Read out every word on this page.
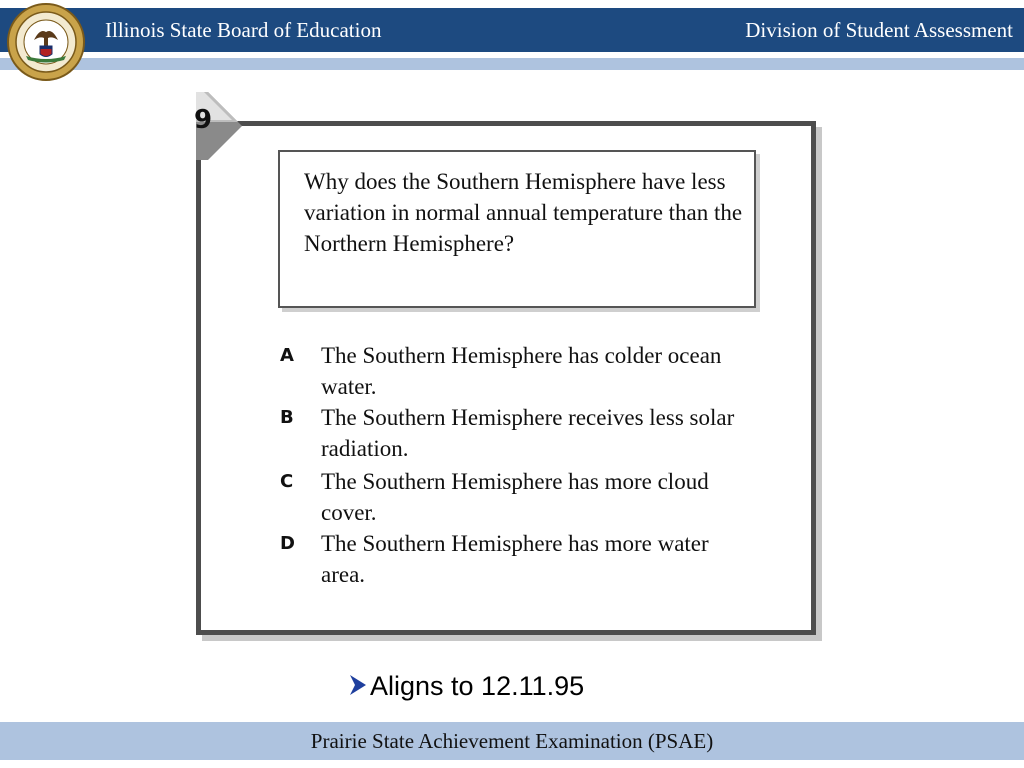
Illinois State Board of Education	Division of Student Assessment
9
Why does the Southern Hemisphere have less variation in normal annual temperature than the Northern Hemisphere?
A The Southern Hemisphere has colder ocean water.
B The Southern Hemisphere receives less solar radiation.
C The Southern Hemisphere has more cloud cover.
D The Southern Hemisphere has more water area.
Aligns to 12.11.95
Prairie State Achievement Examination (PSAE)
